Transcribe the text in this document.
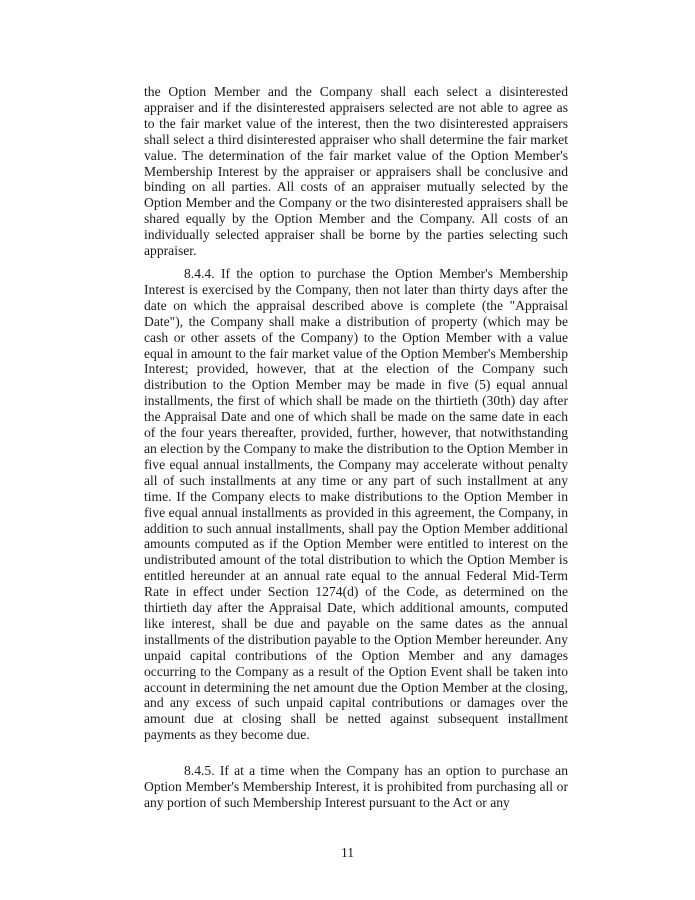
the Option Member and the Company shall each select a disinterested appraiser and if the disinterested appraisers selected are not able to agree as to the fair market value of the interest, then the two disinterested appraisers shall select a third disinterested appraiser who shall determine the fair market value. The determination of the fair market value of the Option Member's Membership Interest by the appraiser or appraisers shall be conclusive and binding on all parties. All costs of an appraiser mutually selected by the Option Member and the Company or the two disinterested appraisers shall be shared equally by the Option Member and the Company. All costs of an individually selected appraiser shall be borne by the parties selecting such appraiser.

8.4.4. If the option to purchase the Option Member's Membership Interest is exercised by the Company, then not later than thirty days after the date on which the appraisal described above is complete (the "Appraisal Date"), the Company shall make a distribution of property (which may be cash or other assets of the Company) to the Option Member with a value equal in amount to the fair market value of the Option Member's Membership Interest; provided, however, that at the election of the Company such distribution to the Option Member may be made in five (5) equal annual installments, the first of which shall be made on the thirtieth (30th) day after the Appraisal Date and one of which shall be made on the same date in each of the four years thereafter, provided, further, however, that notwithstanding an election by the Company to make the distribution to the Option Member in five equal annual installments, the Company may accelerate without penalty all of such installments at any time or any part of such installment at any time. If the Company elects to make distributions to the Option Member in five equal annual installments as provided in this agreement, the Company, in addition to such annual installments, shall pay the Option Member additional amounts computed as if the Option Member were entitled to interest on the undistributed amount of the total distribution to which the Option Member is entitled hereunder at an annual rate equal to the annual Federal Mid-Term Rate in effect under Section 1274(d) of the Code, as determined on the thirtieth day after the Appraisal Date, which additional amounts, computed like interest, shall be due and payable on the same dates as the annual installments of the distribution payable to the Option Member hereunder. Any unpaid capital contributions of the Option Member and any damages occurring to the Company as a result of the Option Event shall be taken into account in determining the net amount due the Option Member at the closing, and any excess of such unpaid capital contributions or damages over the amount due at closing shall be netted against subsequent installment payments as they become due.

8.4.5. If at a time when the Company has an option to purchase an Option Member's Membership Interest, it is prohibited from purchasing all or any portion of such Membership Interest pursuant to the Act or any

11
